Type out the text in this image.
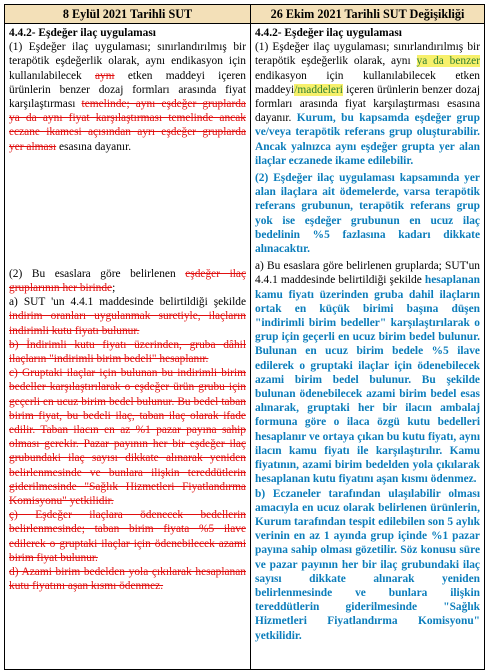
8 Eylül 2021 Tarihli SUT	26 Ekim 2021 Tarihli SUT Değişikliği
4.4.2- Eşdeğer ilaç uygulaması

(1) Eşdeğer ilaç uygulaması; sınırlandırılmış bir terapötik eşdeğerlik olarak, aynı endikasyon için kullanılabilecek aynı etken maddeyi içeren ürünlerin benzer dozaj formları arasında fiyat karşılaştırması temelinde; aynı eşdeğer gruplarda ya da aynı fiyat karşılaştırması temelinde ancak eczane ikamesi açısından ayrı eşdeğer gruplarda yer alması esasına dayanır.

(2) Bu esaslara göre belirlenen eşdeğer ilaç gruplarının her birinde;

a) SUT 'un 4.4.1 maddesinde belirtildiği şekilde indirim oranları uygulanmak suretiyle, ilaçların indirimli kutu fiyatı bulunur.

b) İndirimli kutu fiyatı üzerinden, gruba dâhil ilaçların "indirimli birim bedeli" hesaplanır.

c) Gruptaki ilaçlar için bulunan bu indirimli birim bedeller karşılaştırılarak o eşdeğer ürün grubu için geçerli en ucuz birim bedel bulunur. Bu bedel taban birim fiyat, bu bedeli ilaç, taban ilaç olarak ifade edilir. Taban ilacın en az %1 pazar payına sahip olması gerekir. Pazar payının her bir eşdeğer ilaç grubundaki ilaç sayısı dikkate alınarak yeniden belirlenmesinde ve bunlara ilişkin tereddütlerin giderilmesinde "Sağlık Hizmetleri Fiyatlandırma Komisyonu" yetkilidir.

ç) Eşdeğer ilaçlara ödenecek bedellerin belirlenmesinde; taban birim fiyata %5 ilave edilerek o gruptaki ilaçlar için ödenebilecek azami birim fiyat bulunur.

d) Azami birim bedelden yola çıkılarak hesaplanan kutu fiyatını aşan kısmı ödenmez.

4.4.2- Eşdeğer ilaç uygulaması

(1) Eşdeğer ilaç uygulaması; sınırlandırılmış bir terapötik eşdeğerlik olarak, aynı ya da benzer endikasyon için kullanılabilecek etken maddeyi/maddeleri içeren ürünlerin benzer dozaj formları arasında fiyat karşılaştırması esasına dayanır. Kurum, bu kapsamda eşdeğer grup ve/veya terapötik referans grup oluşturabilir. Ancak yalnızca aynı eşdeğer grupta yer alan ilaçlar eczanede ikame edilebilir.

(2) Eşdeğer ilaç uygulaması kapsamında yer alan ilaçlara ait ödemelerde, varsa terapötik referans grubunun, terapötik referans grup yok ise eşdeğer grubunun en ucuz ilaç bedelinin %5 fazlasına kadarı dikkate alınacaktır.

a) Bu esaslara göre belirlenen gruplarda; SUT'un 4.4.1 maddesinde belirtildiği şekilde hesaplanan kamu fiyatı üzerinden gruba dahil ilaçların ortak en küçük birimi başına düşen "indirimli birim bedeller" karşılaştırılarak o grup için geçerli en ucuz birim bedel bulunur. Bulunan en ucuz birim bedele %5 ilave edilerek o gruptaki ilaçlar için ödenebilecek azami birim bedel bulunur. Bu şekilde bulunan ödenebilecek azami birim bedel esas alınarak, gruptaki her bir ilacın ambalaj formuna göre o ilaca özgü kutu bedelleri hesaplanır ve ortaya çıkan bu kutu fiyatı, aynı ilacın kamu fiyatı ile karşılaştırılır. Kamu fiyatının, azami birim bedelden yola çıkılarak hesaplanan kutu fiyatını aşan kısmı ödenmez.

b) Eczaneler tarafından ulaşılabilir olması amacıyla en ucuz olarak belirlenen ürünlerin, Kurum tarafından tespit edilebilen son 5 aylık verinin en az 1 ayında grup içinde %1 pazar payına sahip olması gözetilir. Söz konusu süre ve pazar payının her bir ilaç grubundaki ilaç sayısı dikkate alınarak yeniden belirlenmesinde ve bunlara ilişkin tereddütlerin giderilmesinde "Sağlık Hizmetleri Fiyatlandırma Komisyonu" yetkilidir.
